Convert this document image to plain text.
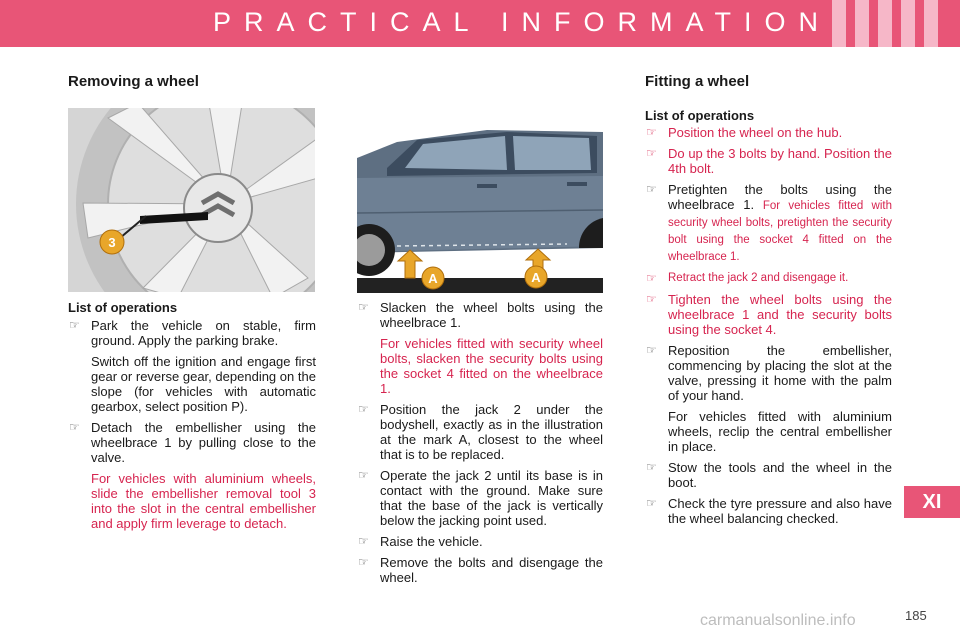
PRACTICAL INFORMATION
Removing a wheel
3
List of operations
☞ Park the vehicle on stable, firm ground. Apply the parking brake.
Switch off the ignition and engage first gear or reverse gear, depending on the slope (for vehicles with automatic gearbox, select position P).
☞ Detach the embellisher using the wheelbrace 1 by pulling close to the valve.
For vehicles with aluminium wheels, slide the embellisher removal tool 3 into the slot in the central embellisher and apply firm leverage to detach.
A	A
☞ Slacken the wheel bolts using the wheelbrace 1.
For vehicles fitted with security wheel bolts, slacken the security bolts using the socket 4 fitted on the wheelbrace 1.
☞ Position the jack 2 under the bodyshell, exactly as in the illustration at the mark A, closest to the wheel that is to be replaced.
☞ Operate the jack 2 until its base is in contact with the ground. Make sure that the base of the jack is vertically below the jacking point used.
☞ Raise the vehicle.
☞ Remove the bolts and disengage the wheel.
Fitting a wheel
List of operations
☞ Position the wheel on the hub.
☞ Do up the 3 bolts by hand. Position the 4th bolt.
☞ Pretighten the bolts using the wheelbrace 1. For vehicles fitted with security wheel bolts, pretighten the security bolt using the socket 4 fitted on the wheelbrace 1.
☞ Retract the jack 2 and disengage it.
☞ Tighten the wheel bolts using the wheelbrace 1 and the security bolts using the socket 4.
☞ Reposition the embellisher, commencing by placing the slot at the valve, pressing it home with the palm of your hand.
For vehicles fitted with aluminium wheels, reclip the central embellisher in place.
☞ Stow the tools and the wheel in the boot.
☞ Check the tyre pressure and also have the wheel balancing checked.
XI
carmanualsonline.info	185
